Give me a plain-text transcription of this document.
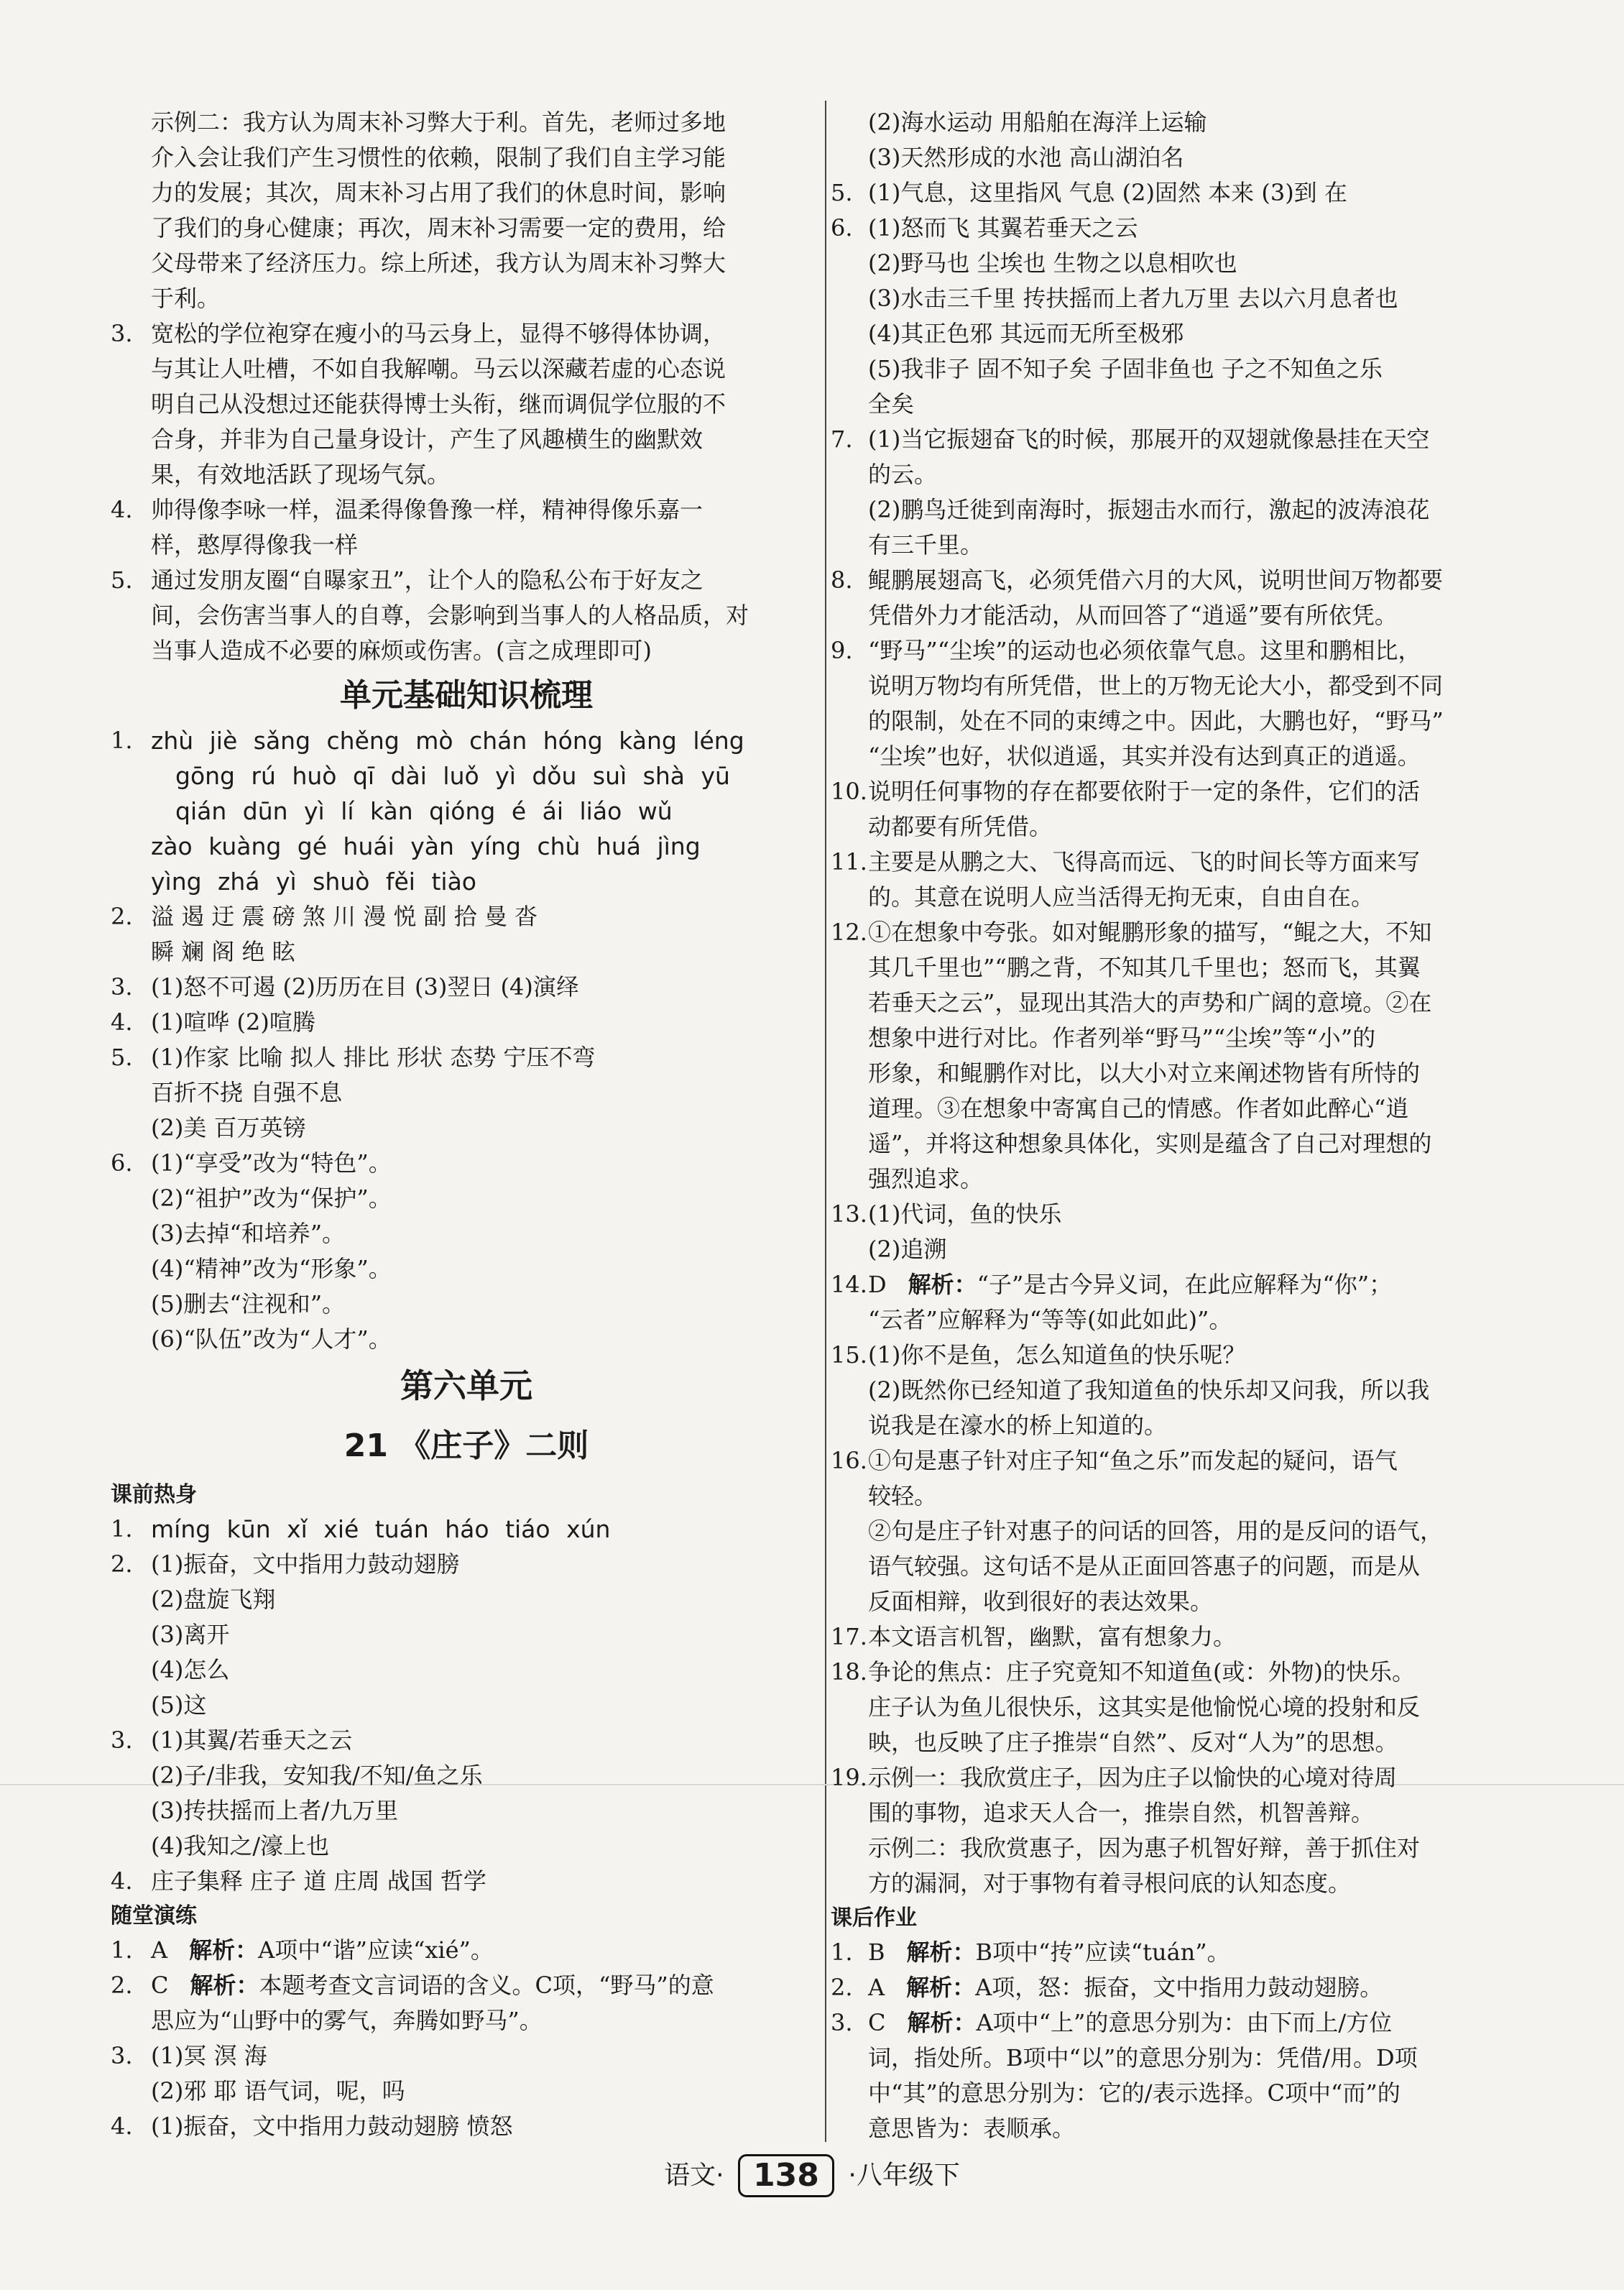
示例二：我方认为周末补习弊大于利。首先，老师过多地
介入会让我们产生习惯性的依赖，限制了我们自主学习能
力的发展；其次，周末补习占用了我们的休息时间，影响
了我们的身心健康；再次，周末补习需要一定的费用，给
父母带来了经济压力。综上所述，我方认为周末补习弊大
于利。
3. 宽松的学位袍穿在瘦小的马云身上，显得不够得体协调，
与其让人吐槽，不如自我解嘲。马云以深藏若虚的心态说
明自己从没想过还能获得博士头衔，继而调侃学位服的不
合身，并非为自己量身设计，产生了风趣横生的幽默效
果，有效地活跃了现场气氛。
4. 帅得像李咏一样，温柔得像鲁豫一样，精神得像乐嘉一
样，憨厚得像我一样
5. 通过发朋友圈“自曝家丑”，让个人的隐私公布于好友之
间，会伤害当事人的自尊，会影响到当事人的人格品质，对
当事人造成不必要的麻烦或伤害。(言之成理即可)
单元基础知识梳理
1. zhù jiè sǎng chěng mò chán hóng kàng léng
gōng rú huò qī dài luǒ yì dǒu suì shà yū
qián dūn yì lí kàn qióng é ái liáo wǔ
zào kuàng gé huái yàn yíng chù huá jìng
yìng zhá yì shuò fěi tiào
2. 溢 遏 迂 震 磅 煞 川 漫 悦 副 拾 曼 沓
瞬 斓 阁 绝 眩
3. (1)怒不可遏 (2)历历在目 (3)翌日 (4)演绎
4. (1)喧哗 (2)喧腾
5. (1)作家 比喻 拟人 排比 形状 态势 宁压不弯
百折不挠 自强不息
(2)美 百万英镑
6. (1)“享受”改为“特色”。
(2)“祖护”改为“保护”。
(3)去掉“和培养”。
(4)“精神”改为“形象”。
(5)删去“注视和”。
(6)“队伍”改为“人才”。
第六单元
21 《庄子》二则
课前热身
1. míng kūn xǐ xié tuán háo tiáo xún
2. (1)振奋，文中指用力鼓动翅膀
(2)盘旋飞翔
(3)离开
(4)怎么
(5)这
3. (1)其翼/若垂天之云
(2)子/非我，安知我/不知/鱼之乐
(3)抟扶摇而上者/九万里
(4)我知之/濠上也
4. 庄子集释 庄子 道 庄周 战国 哲学
随堂演练
1. A 解析：A项中“谐”应读“xié”。
2. C 解析：本题考查文言词语的含义。C项，“野马”的意
思应为“山野中的雾气，奔腾如野马”。
3. (1)冥 溟 海
(2)邪 耶 语气词，呢，吗
4. (1)振奋，文中指用力鼓动翅膀 愤怒
(2)海水运动 用船舶在海洋上运输
(3)天然形成的水池 高山湖泊名
5. (1)气息，这里指风 气息 (2)固然 本来 (3)到 在
6. (1)怒而飞 其翼若垂天之云
(2)野马也 尘埃也 生物之以息相吹也
(3)水击三千里 抟扶摇而上者九万里 去以六月息者也
(4)其正色邪 其远而无所至极邪
(5)我非子 固不知子矣 子固非鱼也 子之不知鱼之乐
全矣
7. (1)当它振翅奋飞的时候，那展开的双翅就像悬挂在天空
的云。
(2)鹏鸟迁徙到南海时，振翅击水而行，激起的波涛浪花
有三千里。
8. 鲲鹏展翅高飞，必须凭借六月的大风，说明世间万物都要
凭借外力才能活动，从而回答了“逍遥”要有所依凭。
9. “野马”“尘埃”的运动也必须依靠气息。这里和鹏相比，
说明万物均有所凭借，世上的万物无论大小，都受到不同
的限制，处在不同的束缚之中。因此，大鹏也好，“野马”
“尘埃”也好，状似逍遥，其实并没有达到真正的逍遥。
10. 说明任何事物的存在都要依附于一定的条件，它们的活
动都要有所凭借。
11. 主要是从鹏之大、飞得高而远、飞的时间长等方面来写
的。其意在说明人应当活得无拘无束，自由自在。
12. ①在想象中夸张。如对鲲鹏形象的描写，“鲲之大，不知
其几千里也”“鹏之背，不知其几千里也；怒而飞，其翼
若垂天之云”，显现出其浩大的声势和广阔的意境。②在
想象中进行对比。作者列举“野马”“尘埃”等“小”的
形象，和鲲鹏作对比，以大小对立来阐述物皆有所恃的
道理。③在想象中寄寓自己的情感。作者如此醉心“逍
遥”，并将这种想象具体化，实则是蕴含了自己对理想的
强烈追求。
13. (1)代词，鱼的快乐
(2)追溯
14. D 解析：“子”是古今异义词，在此应解释为“你”；
“云者”应解释为“等等(如此如此)”。
15. (1)你不是鱼，怎么知道鱼的快乐呢？
(2)既然你已经知道了我知道鱼的快乐却又问我，所以我
说我是在濠水的桥上知道的。
16. ①句是惠子针对庄子知“鱼之乐”而发起的疑问，语气
较轻。
②句是庄子针对惠子的问话的回答，用的是反问的语气，
语气较强。这句话不是从正面回答惠子的问题，而是从
反面相辩，收到很好的表达效果。
17. 本文语言机智，幽默，富有想象力。
18. 争论的焦点：庄子究竟知不知道鱼(或：外物)的快乐。
庄子认为鱼儿很快乐，这其实是他愉悦心境的投射和反
映，也反映了庄子推崇“自然”、反对“人为”的思想。
19. 示例一：我欣赏庄子，因为庄子以愉快的心境对待周
围的事物，追求天人合一，推崇自然，机智善辩。
示例二：我欣赏惠子，因为惠子机智好辩，善于抓住对
方的漏洞，对于事物有着寻根问底的认知态度。
课后作业
1. B 解析：B项中“抟”应读“tuán”。
2. A 解析：A项，怒：振奋，文中指用力鼓动翅膀。
3. C 解析：A项中“上”的意思分别为：由下而上/方位
词，指处所。B项中“以”的意思分别为：凭借/用。D项
中“其”的意思分别为：它的/表示选择。C项中“而”的
意思皆为：表顺承。
语文· 138 ·八年级下
